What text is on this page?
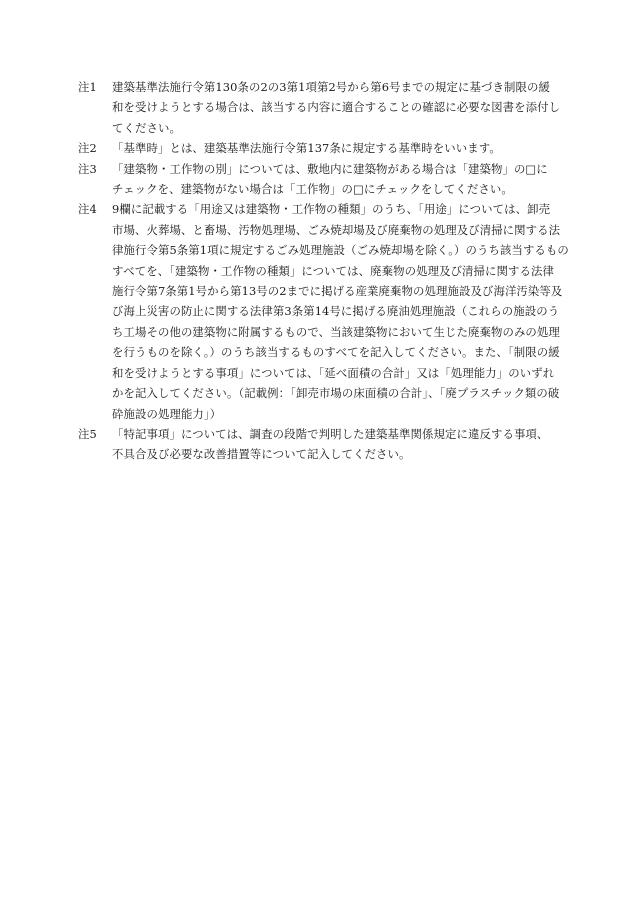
注1	建築基準法施行令第130条の2の3第1項第2号から第6号までの規定に基づき制限の緩
和を受けようとする場合は、該当する内容に適合することの確認に必要な図書を添付し
てください。
注2	「基準時」とは、建築基準法施行令第137条に規定する基準時をいいます。
注3	「建築物・工作物の別」については、敷地内に建築物がある場合は「建築物」の□に
チェックを、建築物がない場合は「工作物」の□にチェックをしてください。
注4	9欄に記載する「用途又は建築物・工作物の種類」のうち、「用途」については、卸売
市場、火葬場、と畜場、汚物処理場、ごみ焼却場及び廃棄物の処理及び清掃に関する法
律施行令第5条第1項に規定するごみ処理施設（ごみ焼却場を除く。）のうち該当するもの
すべてを、「建築物・工作物の種類」については、廃棄物の処理及び清掃に関する法律
施行令第7条第1号から第13号の2までに掲げる産業廃棄物の処理施設及び海洋汚染等及
び海上災害の防止に関する法律第3条第14号に掲げる廃油処理施設（これらの施設のう
ち工場その他の建築物に附属するもので、当該建築物において生じた廃棄物のみの処理
を行うものを除く。）のうち該当するものすべてを記入してください。また、「制限の緩
和を受けようとする事項」については、「延べ面積の合計」又は「処理能力」のいずれ
かを記入してください。（記載例：「卸売市場の床面積の合計」、「廃プラスチック類の破
砕施設の処理能力」）
注5	「特記事項」については、調査の段階で判明した建築基準関係規定に違反する事項、
不具合及び必要な改善措置等について記入してください。
